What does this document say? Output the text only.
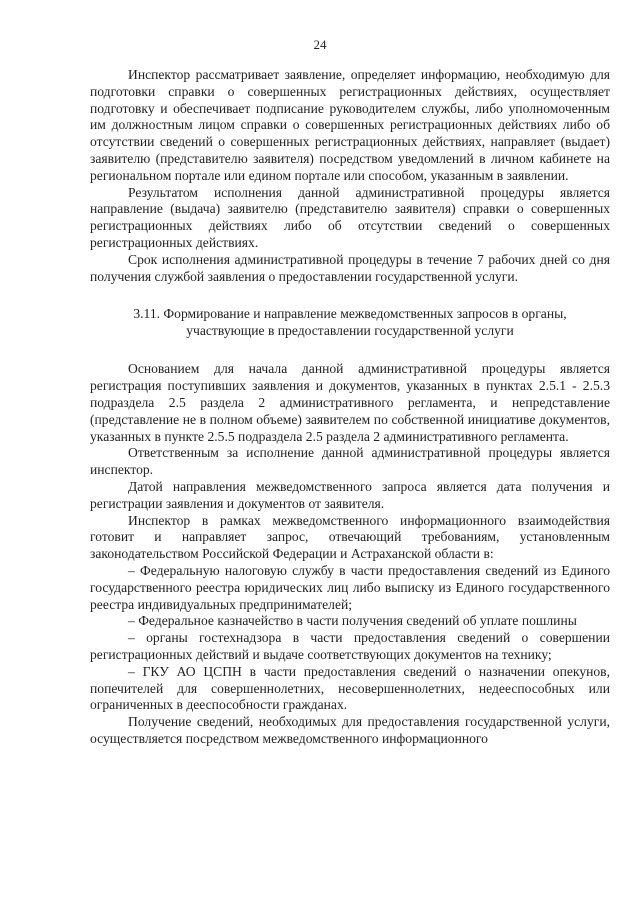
24

Инспектор рассматривает заявление, определяет информацию, необходимую для подготовки справки о совершенных регистрационных действиях, осуществляет подготовку и обеспечивает подписание руководителем службы, либо уполномоченным им должностным лицом справки о совершенных регистрационных действиях либо об отсутствии сведений о совершенных регистрационных действиях, направляет (выдает) заявителю (представителю заявителя) посредством уведомлений в личном кабинете на региональном портале или едином портале или способом, указанным в заявлении.

Результатом исполнения данной административной процедуры является направление (выдача) заявителю (представителю заявителя) справки о совершенных регистрационных действиях либо об отсутствии сведений о совершенных регистрационных действиях.

Срок исполнения административной процедуры в течение 7 рабочих дней со дня получения службой заявления о предоставлении государственной услуги.

3.11. Формирование и направление межведомственных запросов в органы, участвующие в предоставлении государственной услуги

Основанием для начала данной административной процедуры является регистрация поступивших заявления и документов, указанных в пунктах 2.5.1 - 2.5.3 подраздела 2.5 раздела 2 административного регламента, и непредставление (представление не в полном объеме) заявителем по собственной инициативе документов, указанных в пункте 2.5.5 подраздела 2.5 раздела 2 административного регламента.

Ответственным за исполнение данной административной процедуры является инспектор.

Датой направления межведомственного запроса является дата получения и регистрации заявления и документов от заявителя.

Инспектор в рамках межведомственного информационного взаимодействия готовит и направляет запрос, отвечающий требованиям, установленным законодательством Российской Федерации и Астраханской области в:

– Федеральную налоговую службу в части предоставления сведений из Единого государственного реестра юридических лиц либо выписку из Единого государственного реестра индивидуальных предпринимателей;

– Федеральное казначейство в части получения сведений об уплате пошлины

– органы гостехнадзора в части предоставления сведений о совершении регистрационных действий и выдаче соответствующих документов на технику;

– ГКУ АО ЦСПН в части предоставления сведений о назначении опекунов, попечителей для совершеннолетних, несовершеннолетних, недееспособных или ограниченных в дееспособности гражданах.

Получение сведений, необходимых для предоставления государственной услуги, осуществляется посредством межведомственного информационного
